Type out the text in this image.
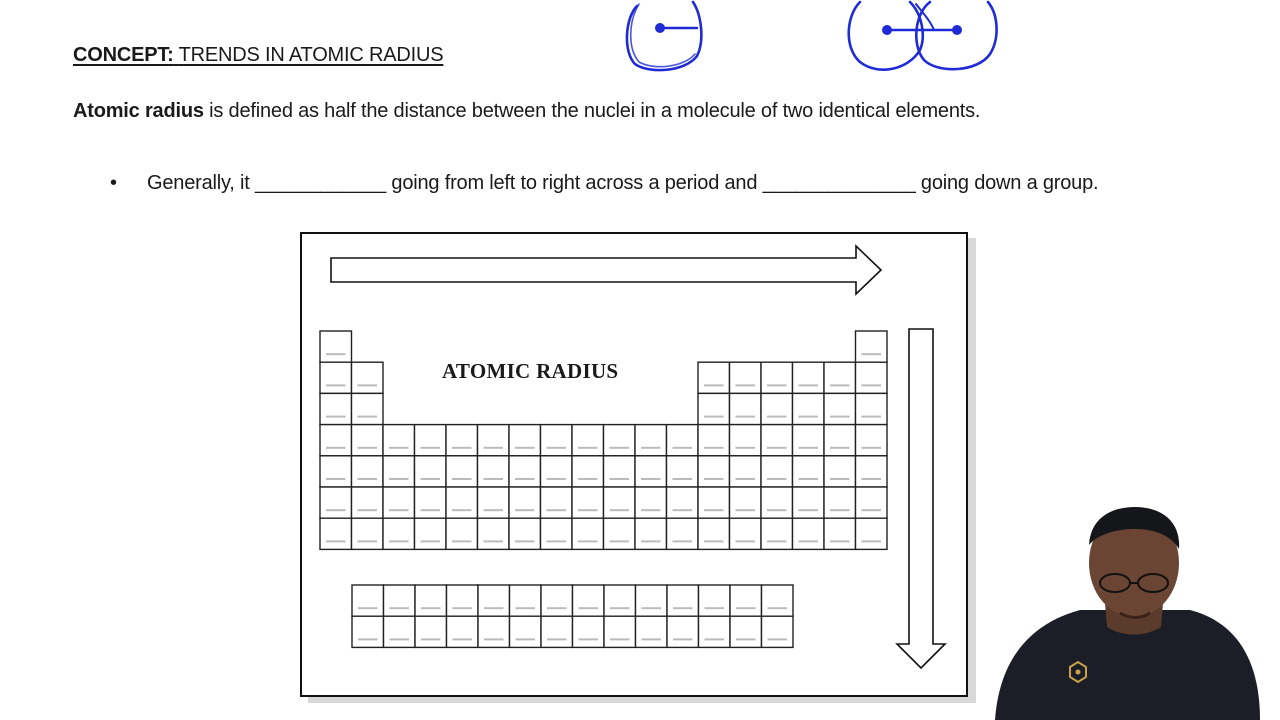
CONCEPT: TRENDS IN ATOMIC RADIUS
Atomic radius is defined as half the distance between the nuclei in a molecule of two identical elements.
• Generally, it ____________ going from left to right across a period and ______________ going down a group.
ATOMIC RADIUS
